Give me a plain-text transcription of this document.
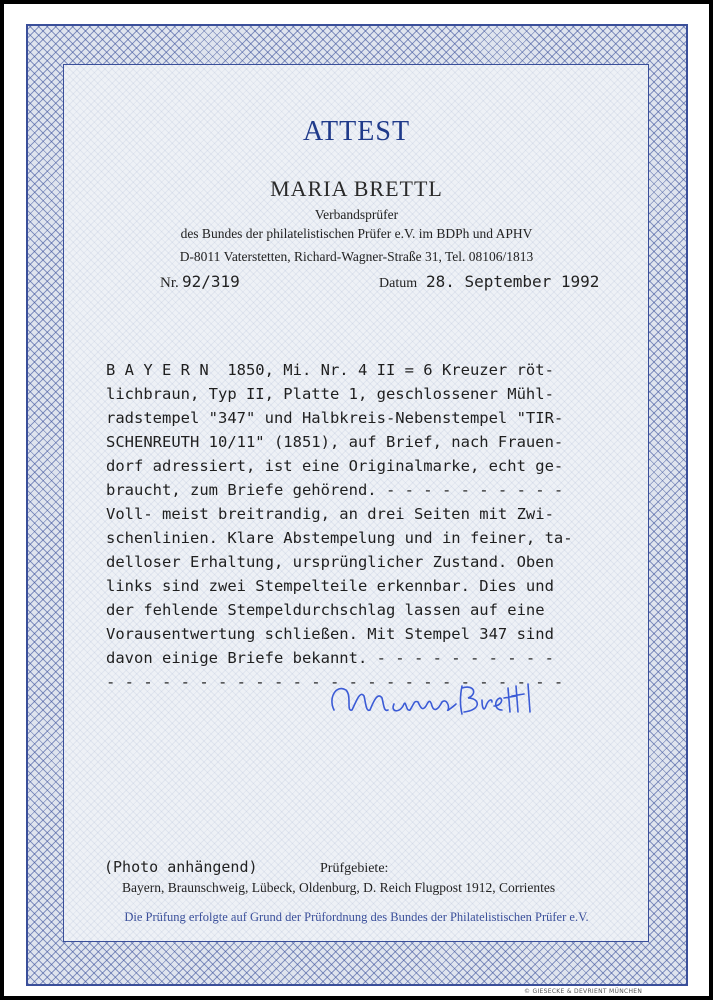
ATTEST
MARIA BRETTL
Verbandsprüfer
des Bundes der philatelistischen Prüfer e.V. im BDPh und APHV
D-8011 Vaterstetten, Richard-Wagner-Straße 31, Tel. 08106/1813
Nr. 92/319	Datum 28. September 1992
B A Y E R N  1850, Mi. Nr. 4 II = 6 Kreuzer röt-
lichbraun, Typ II, Platte 1, geschlossener Mühl-
radstempel "347" und Halbkreis-Nebenstempel "TIR-
SCHENREUTH 10/11" (1851), auf Brief, nach Frauen-
dorf adressiert, ist eine Originalmarke, echt ge-
braucht, zum Briefe gehörend. - - - - - - - - - -
Voll- meist breitrandig, an drei Seiten mit Zwi-
schenlinien. Klare Abstempelung und in feiner, ta-
delloser Erhaltung, ursprünglicher Zustand. Oben
links sind zwei Stempelteile erkennbar. Dies und
der fehlende Stempeldurchschlag lassen auf eine
Vorausentwertung schließen. Mit Stempel 347 sind
davon einige Briefe bekannt. - - - - - - - - - -
- - - - - - - - - - - - - - - - - - - - - - - - -
(Photo anhängend)	Prüfgebiete:
Bayern, Braunschweig, Lübeck, Oldenburg, D. Reich Flugpost 1912, Corrientes
Die Prüfung erfolgte auf Grund der Prüfordnung des Bundes der Philatelistischen Prüfer e.V.
© GIESECKE & DEVRIENT MÜNCHEN
